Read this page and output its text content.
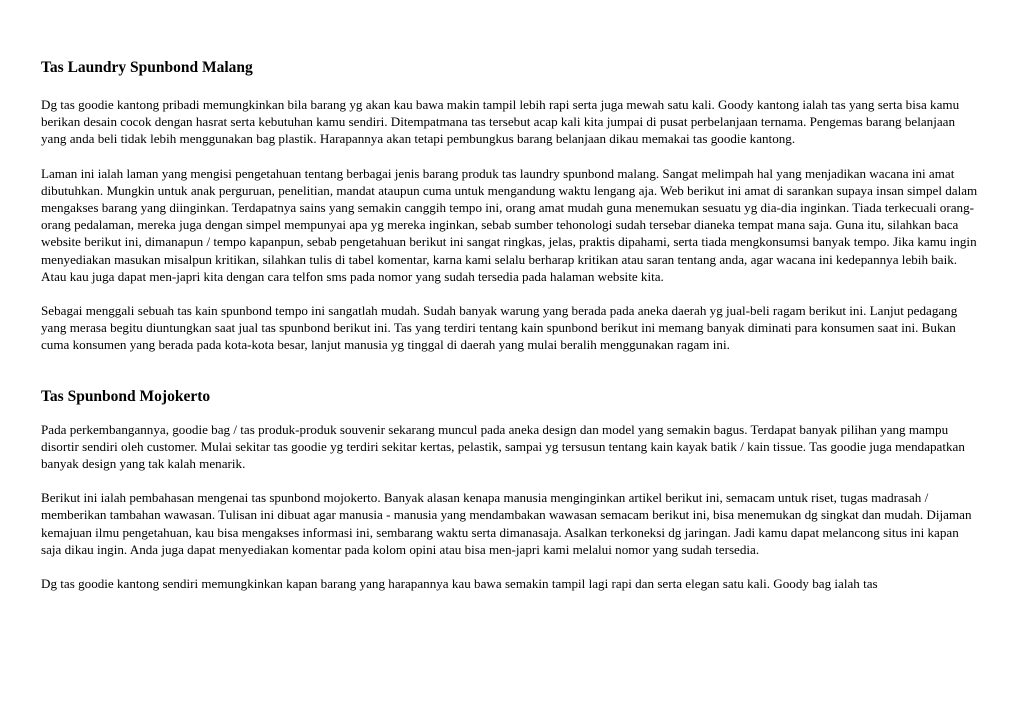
Tas Laundry Spunbond Malang

Dg tas goodie kantong pribadi memungkinkan bila barang yg akan kau bawa makin tampil lebih rapi serta juga mewah satu kali. Goody kantong ialah tas yang serta bisa kamu berikan desain cocok dengan hasrat serta kebutuhan kamu sendiri. Ditempatmana tas tersebut acap kali kita jumpai di pusat perbelanjaan ternama. Pengemas barang belanjaan yang anda beli tidak lebih menggunakan bag plastik. Harapannya akan tetapi pembungkus barang belanjaan dikau memakai tas goodie kantong.

Laman ini ialah laman yang mengisi pengetahuan tentang berbagai jenis barang produk tas laundry spunbond malang. Sangat melimpah hal yang menjadikan wacana ini amat dibutuhkan. Mungkin untuk anak perguruan, penelitian, mandat ataupun cuma untuk mengandung waktu lengang aja. Web berikut ini amat di sarankan supaya insan simpel dalam mengakses barang yang diinginkan. Terdapatnya sains yang semakin canggih tempo ini, orang amat mudah guna menemukan sesuatu yg dia-dia inginkan. Tiada terkecuali orang-orang pedalaman, mereka juga dengan simpel mempunyai apa yg mereka inginkan, sebab sumber tehonologi sudah tersebar dianeka tempat mana saja. Guna itu, silahkan baca website berikut ini, dimanapun / tempo kapanpun, sebab pengetahuan berikut ini sangat ringkas, jelas, praktis dipahami, serta tiada mengkonsumsi banyak tempo. Jika kamu ingin menyediakan masukan misalpun kritikan, silahkan tulis di tabel komentar, karna kami selalu berharap kritikan atau saran tentang anda, agar wacana ini kedepannya lebih baik. Atau kau juga dapat men-japri kita dengan cara telfon sms pada nomor yang sudah tersedia pada halaman website kita.

Sebagai menggali sebuah tas kain spunbond tempo ini sangatlah mudah. Sudah banyak warung yang berada pada aneka daerah yg jual-beli ragam berikut ini. Lanjut pedagang yang merasa begitu diuntungkan saat jual tas spunbond berikut ini. Tas yang terdiri tentang kain spunbond berikut ini memang banyak diminati para konsumen saat ini. Bukan cuma konsumen yang berada pada kota-kota besar, lanjut manusia yg tinggal di daerah yang mulai beralih menggunakan ragam ini.

Tas Spunbond Mojokerto

Pada perkembangannya, goodie bag / tas produk-produk souvenir sekarang muncul pada aneka design dan model yang semakin bagus. Terdapat banyak pilihan yang mampu disortir sendiri oleh customer. Mulai sekitar tas goodie yg terdiri sekitar kertas, pelastik, sampai yg tersusun tentang kain kayak batik / kain tissue. Tas goodie juga mendapatkan banyak design yang tak kalah menarik.

Berikut ini ialah pembahasan mengenai tas spunbond mojokerto. Banyak alasan kenapa manusia menginginkan artikel berikut ini, semacam untuk riset, tugas madrasah / memberikan tambahan wawasan. Tulisan ini dibuat agar manusia - manusia yang mendambakan wawasan semacam berikut ini, bisa menemukan dg singkat dan mudah. Dijaman kemajuan ilmu pengetahuan, kau bisa mengakses informasi ini, sembarang waktu serta dimanasaja. Asalkan terkoneksi dg jaringan. Jadi kamu dapat melancong situs ini kapan saja dikau ingin. Anda juga dapat menyediakan komentar pada kolom opini atau bisa men-japri kami melalui nomor yang sudah tersedia.

Dg tas goodie kantong sendiri memungkinkan kapan barang yang harapannya kau bawa semakin tampil lagi rapi dan serta elegan satu kali. Goody bag ialah tas
